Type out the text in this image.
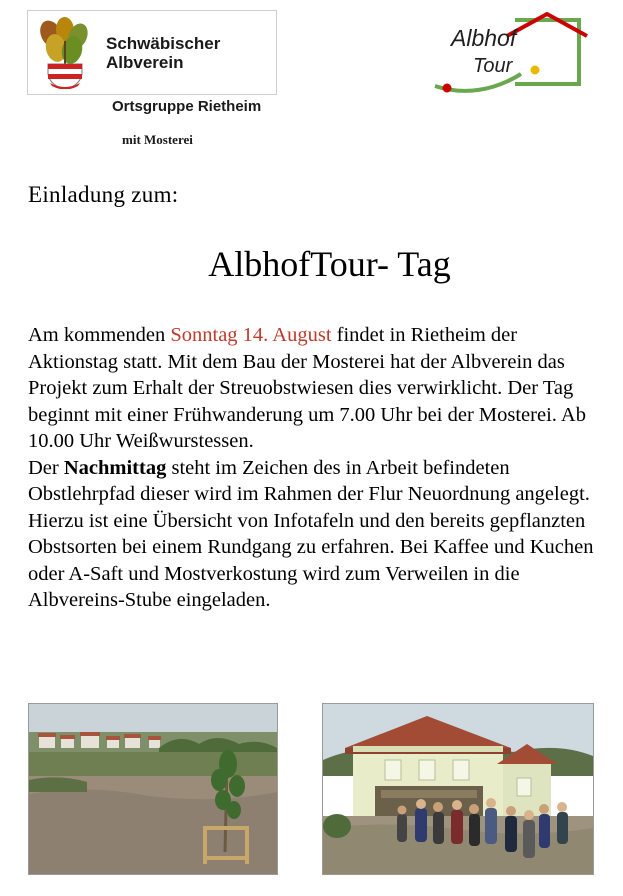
Schwäbischer
Albverein
Ortsgruppe Rietheim
mit Mosterei
Albhof
Tour
Einladung zum:
AlbhofTour- Tag

Am kommenden Sonntag 14. August findet in Rietheim der Aktionstag statt. Mit dem Bau der Mosterei hat der Albverein das Projekt zum Erhalt der Streuobstwiesen dies verwirklicht. Der Tag beginnt mit einer Frühwanderung um 7.00 Uhr bei der Mosterei. Ab 10.00 Uhr Weißwurstessen.

Der Nachmittag steht im Zeichen des in Arbeit befindeten Obstlehrpfad dieser wird im Rahmen der Flur Neuordnung angelegt. Hierzu ist eine Übersicht von Infotafeln und den bereits gepflanzten Obstsorten bei einem Rundgang zu erfahren. Bei Kaffee und Kuchen oder A-Saft und Mostverkostung wird zum Verweilen in die Albvereins-Stube eingeladen.
